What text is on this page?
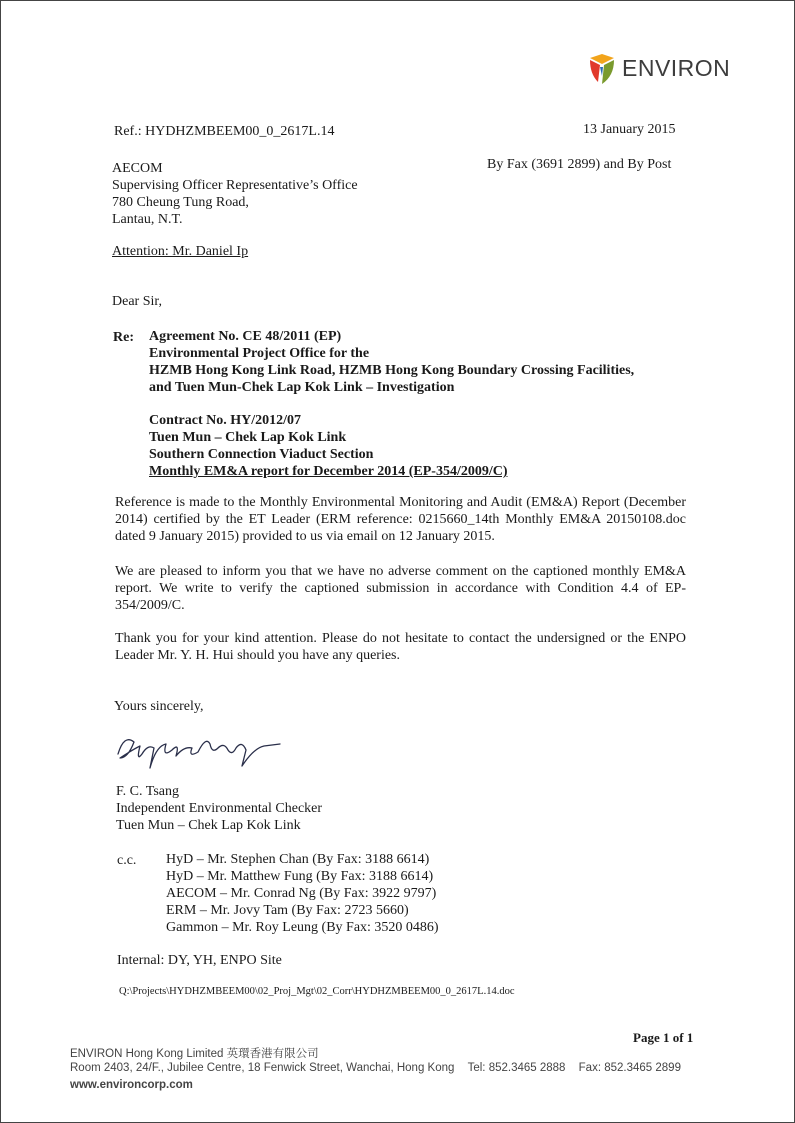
ENVIRON
Ref.: HYDHZMBEEM00_0_2617L.14	13 January 2015
By Fax (3691 2899) and By Post
AECOM
Supervising Officer Representative’s Office
780 Cheung Tung Road,
Lantau, N.T.
Attention: Mr. Daniel Ip
Dear Sir,
Re: Agreement No. CE 48/2011 (EP)
Environmental Project Office for the
HZMB Hong Kong Link Road, HZMB Hong Kong Boundary Crossing Facilities,
and Tuen Mun-Chek Lap Kok Link – Investigation
Contract No. HY/2012/07
Tuen Mun – Chek Lap Kok Link
Southern Connection Viaduct Section
Monthly EM&A report for December 2014 (EP-354/2009/C)
Reference is made to the Monthly Environmental Monitoring and Audit (EM&A) Report (December 2014) certified by the ET Leader (ERM reference: 0215660_14th Monthly EM&A 20150108.doc dated 9 January 2015) provided to us via email on 12 January 2015.
We are pleased to inform you that we have no adverse comment on the captioned monthly EM&A report. We write to verify the captioned submission in accordance with Condition 4.4 of EP-354/2009/C.
Thank you for your kind attention. Please do not hesitate to contact the undersigned or the ENPO Leader Mr. Y. H. Hui should you have any queries.
Yours sincerely,
F. C. Tsang
Independent Environmental Checker
Tuen Mun – Chek Lap Kok Link
c.c. HyD – Mr. Stephen Chan (By Fax: 3188 6614)
HyD – Mr. Matthew Fung (By Fax: 3188 6614)
AECOM – Mr. Conrad Ng (By Fax: 3922 9797)
ERM – Mr. Jovy Tam (By Fax: 2723 5660)
Gammon – Mr. Roy Leung (By Fax: 3520 0486)
Internal: DY, YH, ENPO Site
Q:\Projects\HYDHZMBEEM00\02_Proj_Mgt\02_Corr\HYDHZMBEEM00_0_2617L.14.doc
Page 1 of 1
ENVIRON Hong Kong Limited 英環香港有限公司
Room 2403, 24/F., Jubilee Centre, 18 Fenwick Street, Wanchai, Hong Kong Tel: 852.3465 2888 Fax: 852.3465 2899
www.environcorp.com
